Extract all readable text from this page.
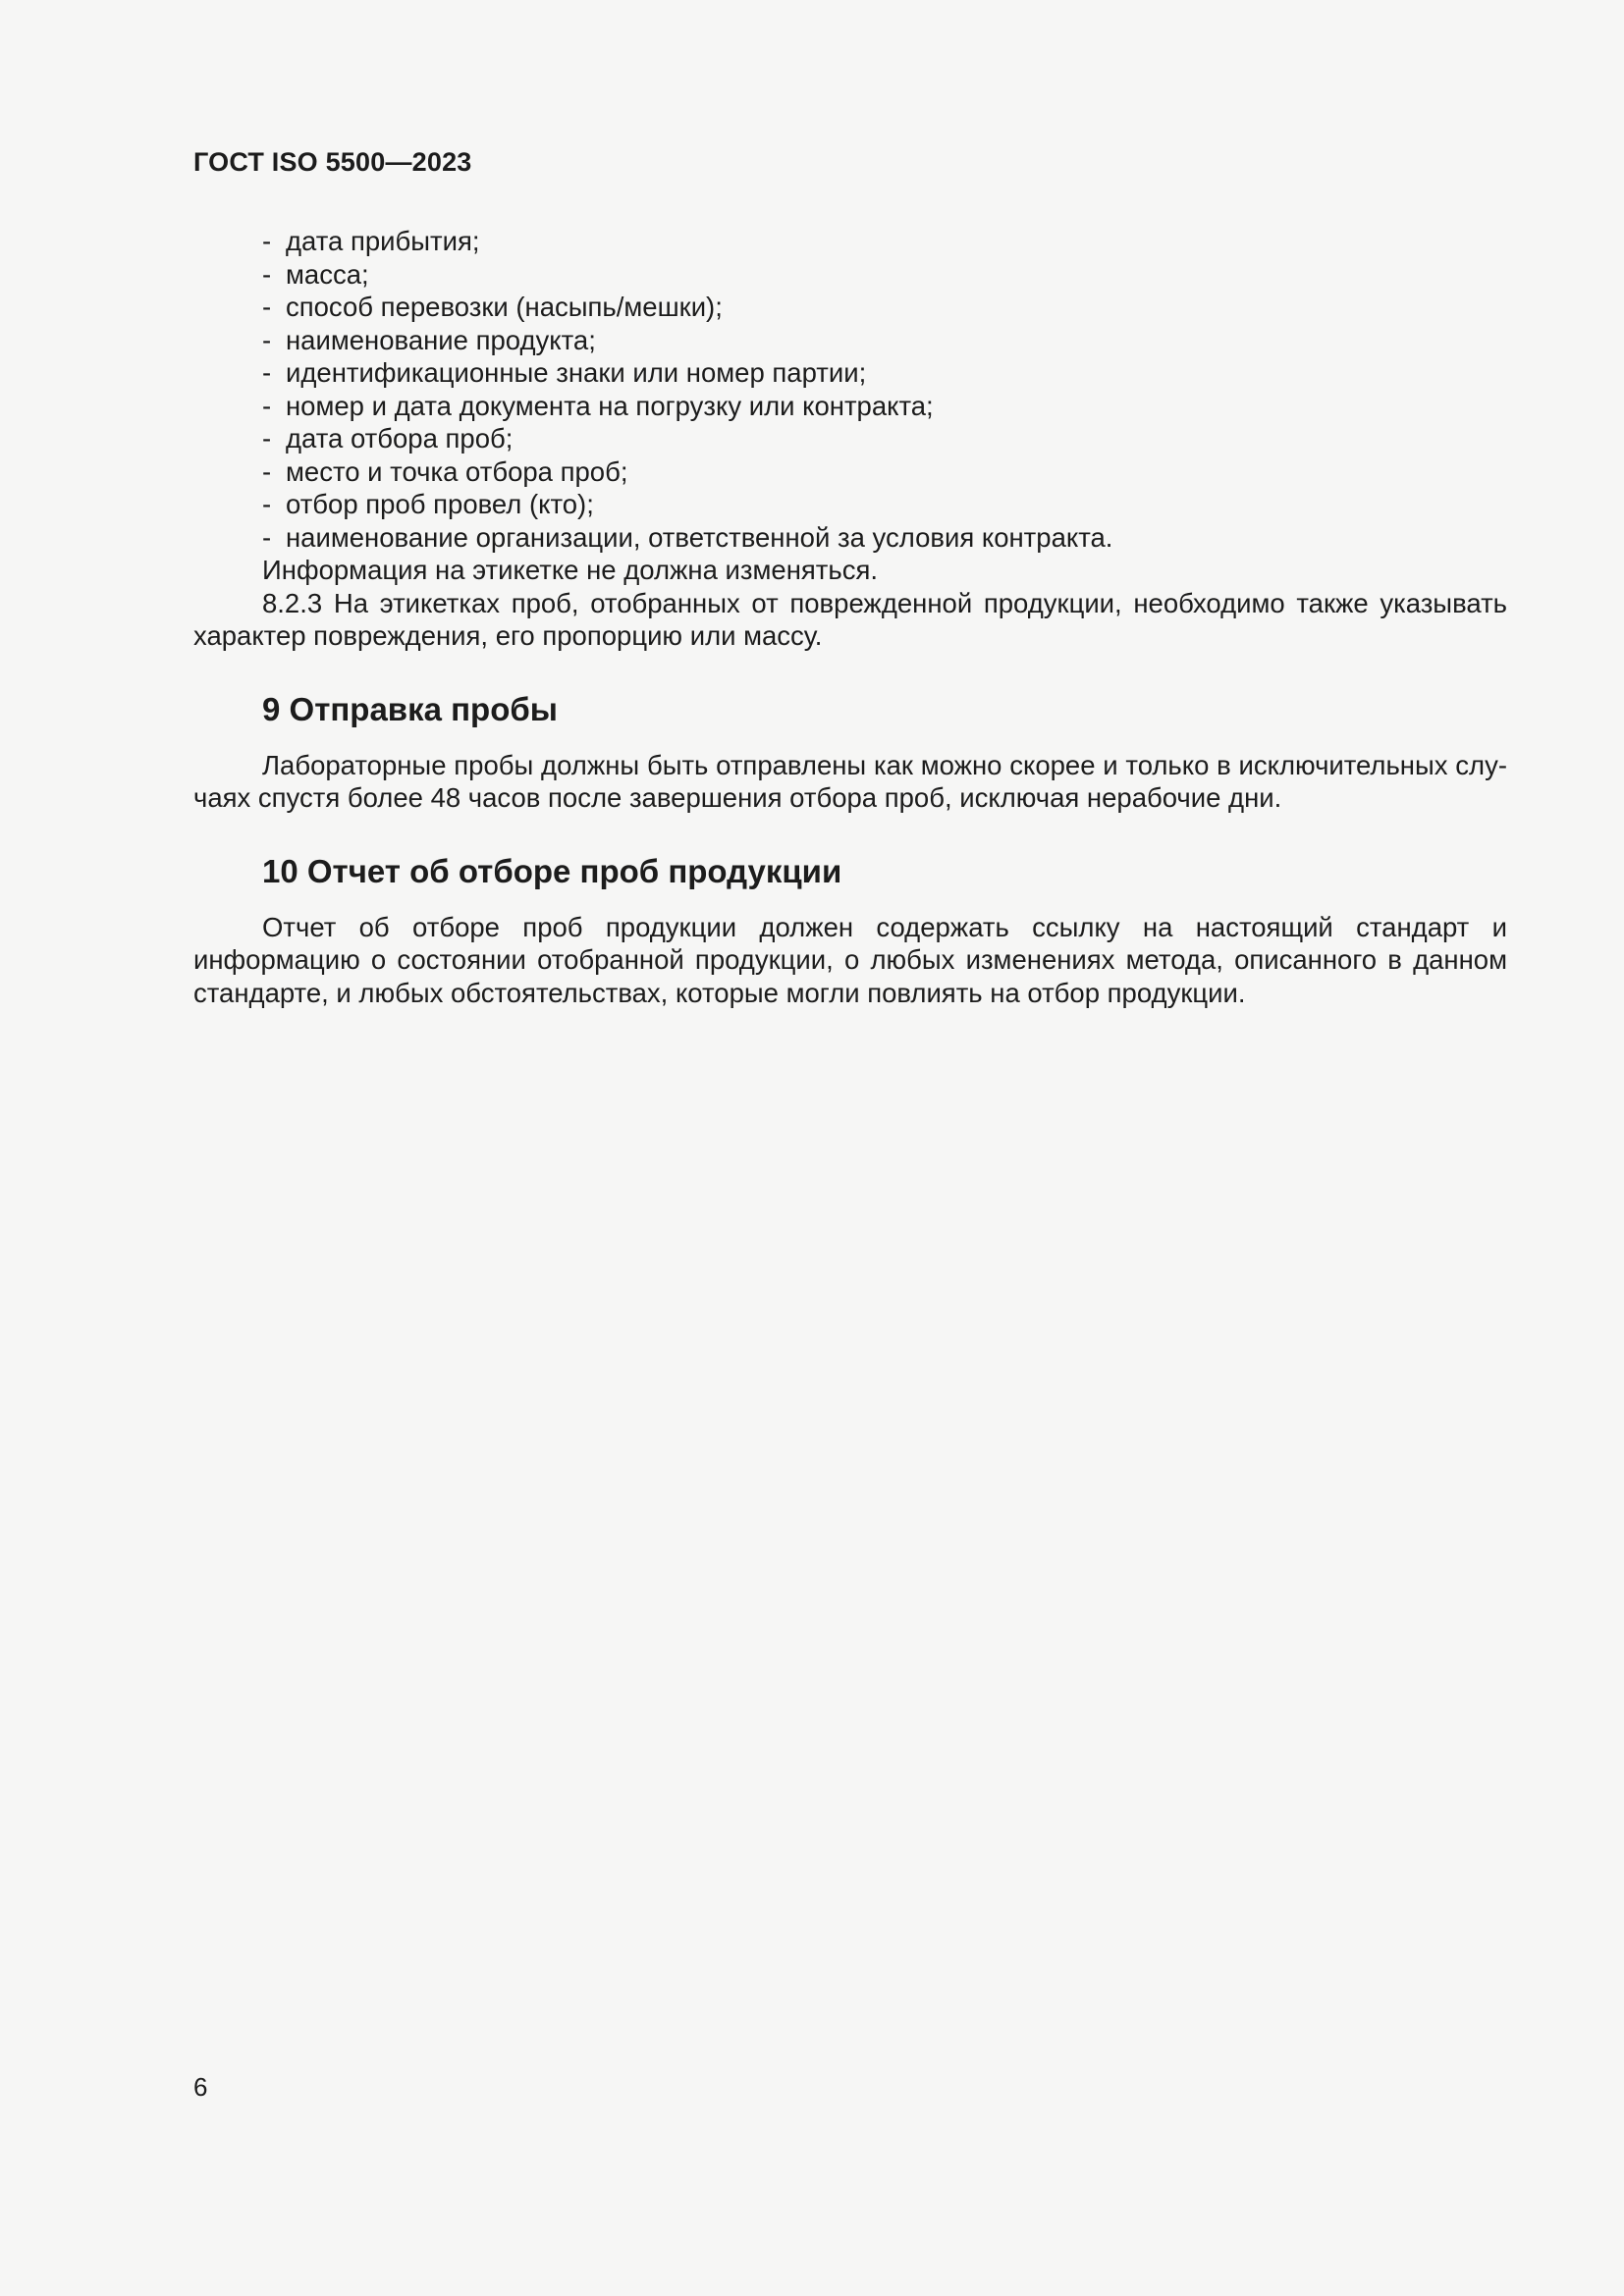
ГОСТ ISO 5500—2023
- дата прибытия;
- масса;
- способ перевозки (насыпь/мешки);
- наименование продукта;
- идентификационные знаки или номер партии;
- номер и дата документа на погрузку или контракта;
- дата отбора проб;
- место и точка отбора проб;
- отбор проб провел (кто);
- наименование организации, ответственной за условия контракта.

Информация на этикетке не должна изменяться.

8.2.3 На этикетках проб, отобранных от поврежденной продукции, необходимо также указывать характер повреждения, его пропорцию или массу.

9 Отправка пробы

Лабораторные пробы должны быть отправлены как можно скорее и только в исключительных случаях спустя более 48 часов после завершения отбора проб, исключая нерабочие дни.

10 Отчет об отборе проб продукции

Отчет об отборе проб продукции должен содержать ссылку на настоящий стандарт и информацию о состоянии отобранной продукции, о любых изменениях метода, описанного в данном стандарте, и любых обстоятельствах, которые могли повлиять на отбор продукции.

6
